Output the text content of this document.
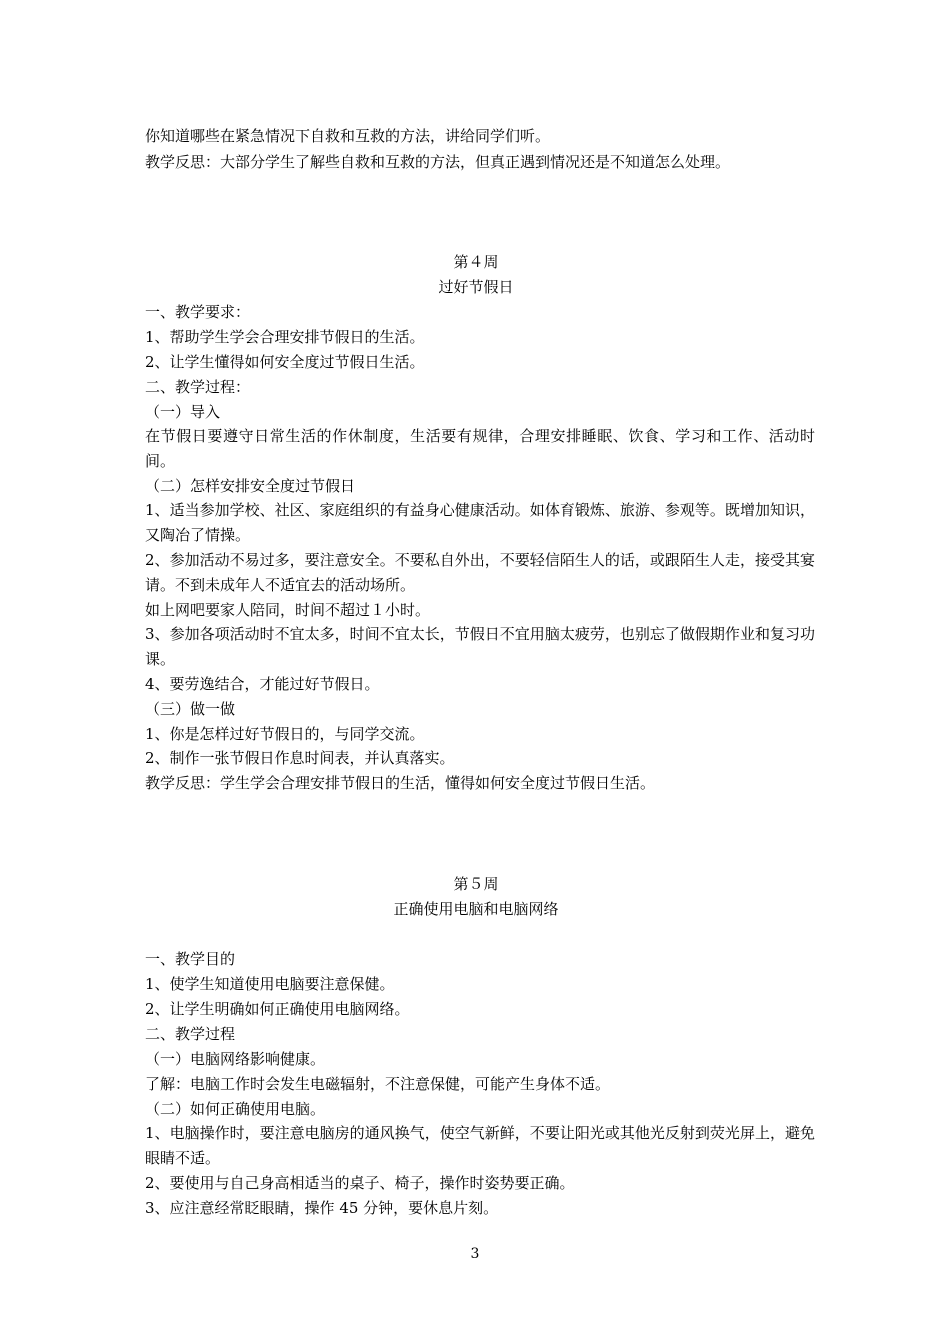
你知道哪些在紧急情况下自救和互救的方法，讲给同学们听。
教学反思：大部分学生了解些自救和互救的方法，但真正遇到情况还是不知道怎么处理。
第４周
过好节假日
一、教学要求：
1、帮助学生学会合理安排节假日的生活。
2、让学生懂得如何安全度过节假日生活。
二、教学过程：
（一）导入
在节假日要遵守日常生活的作休制度，生活要有规律，合理安排睡眠、饮食、学习和工作、活动时间。
（二）怎样安排安全度过节假日
1、适当参加学校、社区、家庭组织的有益身心健康活动。如体育锻炼、旅游、参观等。既增加知识，又陶冶了情操。
2、参加活动不易过多，要注意安全。不要私自外出，不要轻信陌生人的话，或跟陌生人走，接受其宴请。不到未成年人不适宜去的活动场所。
如上网吧要家人陪同，时间不超过１小时。
3、参加各项活动时不宜太多，时间不宜太长，节假日不宜用脑太疲劳，也别忘了做假期作业和复习功课。
4、要劳逸结合，才能过好节假日。
（三）做一做
1、你是怎样过好节假日的，与同学交流。
2、制作一张节假日作息时间表，并认真落实。
教学反思：学生学会合理安排节假日的生活，懂得如何安全度过节假日生活。
第５周
正确使用电脑和电脑网络
一、教学目的
1、使学生知道使用电脑要注意保健。
2、让学生明确如何正确使用电脑网络。
二、教学过程
（一）电脑网络影响健康。
了解：电脑工作时会发生电磁辐射，不注意保健，可能产生身体不适。
（二）如何正确使用电脑。
1、电脑操作时，要注意电脑房的通风换气，使空气新鲜，不要让阳光或其他光反射到荧光屏上，避免眼睛不适。
2、要使用与自己身高相适当的桌子、椅子，操作时姿势要正确。
3、应注意经常眨眼睛，操作 45 分钟，要休息片刻。
3
